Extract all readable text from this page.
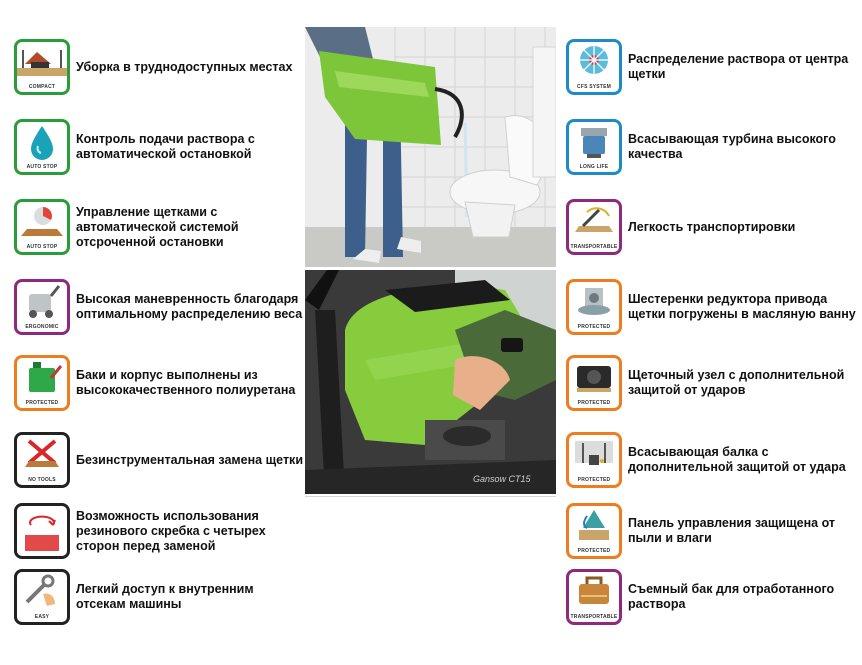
COMPACT
Уборка в труднодоступных местах
AUTO STOP
Контроль подачи раствора с автоматической остановкой
AUTO STOP
Управление щетками с автоматической системой отсроченной остановки
ERGONOMIC
Высокая маневренность благодаря оптимальному распределению веса
PROTECTED
Баки и корпус выполнены из высококачественного полиуретана
NO TOOLS
Безинструментальная замена щетки
Возможность использования резинового скребка с четырех сторон перед заменой
EASY
Легкий доступ к внутренним отсекам машины
Gansow CT15
CFS SYSTEM
Распределение раствора от центра щетки
LONG LIFE
Всасывающая турбина высокого качества
TRANSPORTABLE
Легкость транспортировки
PROTECTED
Шестеренки редуктора привода щетки погружены в масляную ванну
PROTECTED
Щеточный узел с дополнительной защитой от ударов
PROTECTED
Всасывающая балка с дополнительной защитой от удара
PROTECTED
Панель управления защищена от пыли и влаги
TRANSPORTABLE
Съемный бак для отработанного раствора
